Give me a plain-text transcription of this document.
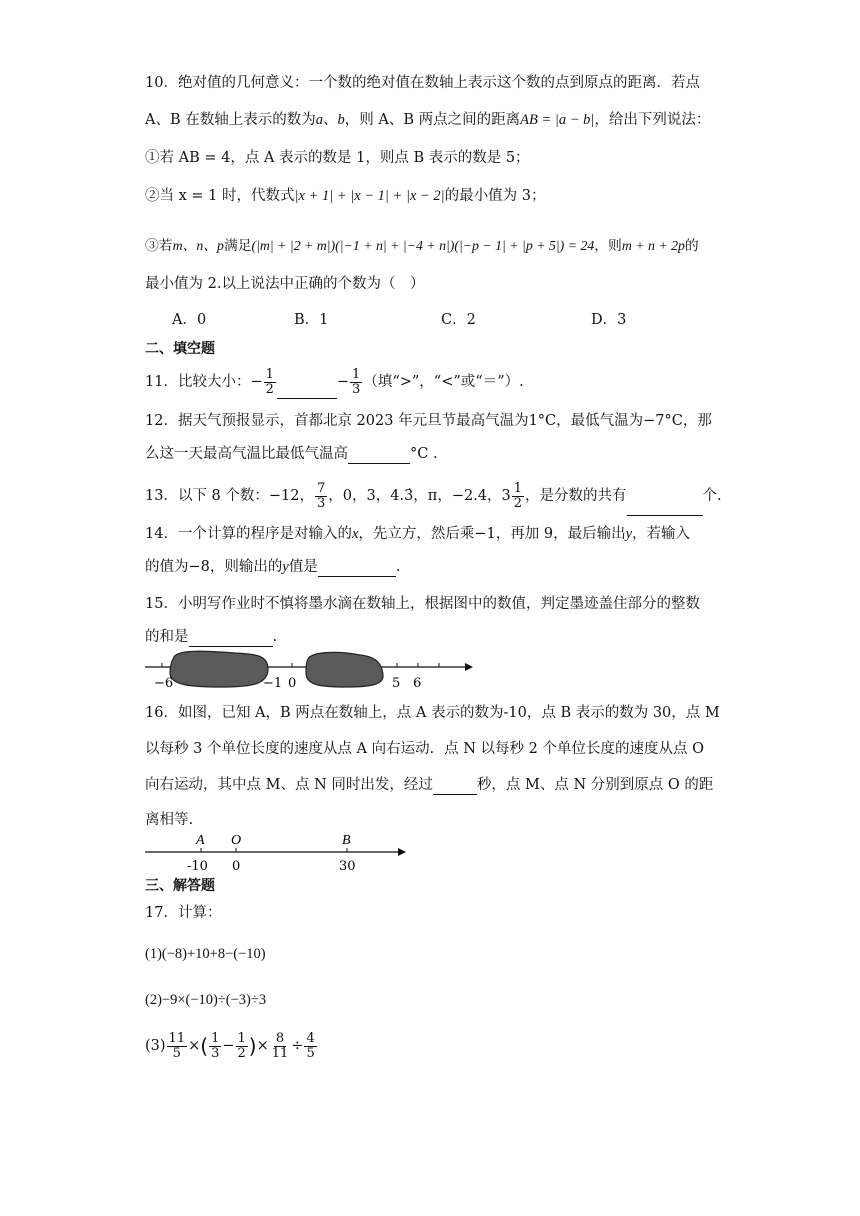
10．绝对值的几何意义：一个数的绝对值在数轴上表示这个数的点到原点的距离．若点
A、B 在数轴上表示的数为a、b，则 A、B 两点之间的距离AB = |a − b|，给出下列说法：
①若 AB = 4，点 A 表示的数是 1，则点 B 表示的数是 5；
②当 x = 1 时，代数式|x + 1| + |x − 1| + |x − 2|的最小值为 3；
③若m、n、p满足(|m| + |2 + m|)(|−1 + n| + |−4 + n|)(|−p − 1| + |p + 5|) = 24，则m + n + 2p的
最小值为 2.以上说法中正确的个数为（　）
A．0	B．1	C．2	D．3
二、填空题
11．比较大小：− $\frac{1}{2}$	− $\frac{1}{3}$ （填“>”，“<”或“＝”）.
12．据天气预报显示，首都北京 2023 年元旦节最高气温为1°C，最低气温为−7°C，那
么这一天最高气温比最低气温高	°C .
13．以下 8 个数：−12， $\frac{7}{3}$ ，0，3，4.3̇，π，−2.4，$3 \frac{1}{2}$ ，是分数的共有	个.
14．一个计算的程序是对输入的x，先立方，然后乘−1，再加 9，最后输出y，若输入
的值为−8，则输出的y值是	.
15．小明写作业时不慎将墨水滴在数轴上，根据图中的数值，判定墨迹盖住部分的整数
的和是	.
−6	−1 0	5 6
16．如图，已知 A，B 两点在数轴上，点 A 表示的数为-10，点 B 表示的数为 30，点 M
以每秒 3 个单位长度的速度从点 A 向右运动．点 N 以每秒 2 个单位长度的速度从点 O
向右运动，其中点 M、点 N 同时出发，经过	秒，点 M、点 N 分别到原点 O 的距
离相等.
A O	B
-10 0	30
三、解答题
17．计算：
(1)(−8)+10+8−(−10)
(2)−9×(−10)÷(−3)÷3
$(3) \frac{11}{5}$ ×( $\frac{1}{3} - \frac{1}{2}$ )× $\frac{8}{11} \div \frac{4}{5}$
